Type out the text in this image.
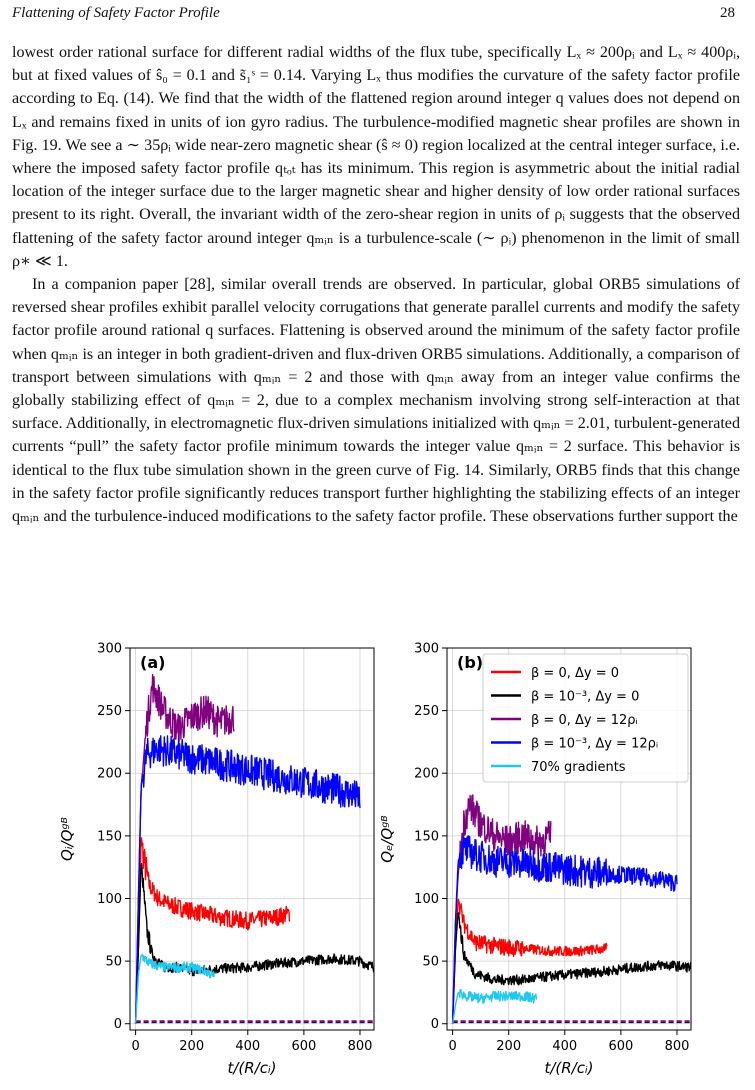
Flattening of Safety Factor Profile	28

lowest order rational surface for different radial widths of the flux tube, specifically Lₓ ≈ 200ρᵢ and Lₓ ≈ 400ρᵢ, but at fixed values of ŝ₀ = 0.1 and s̃₁ˢ = 0.14. Varying Lₓ thus modifies the curvature of the safety factor profile according to Eq. (14). We find that the width of the flattened region around integer q values does not depend on Lₓ and remains fixed in units of ion gyro radius. The turbulence-modified magnetic shear profiles are shown in Fig. 19. We see a ∼ 35ρᵢ wide near-zero magnetic shear (ŝ ≈ 0) region localized at the central integer surface, i.e. where the imposed safety factor profile qₜₒₜ has its minimum. This region is asymmetric about the initial radial location of the integer surface due to the larger magnetic shear and higher density of low order rational surfaces present to its right. Overall, the invariant width of the zero-shear region in units of ρᵢ suggests that the observed flattening of the safety factor around integer qₘᵢₙ is a turbulence-scale (∼ ρᵢ) phenomenon in the limit of small ρ∗ ≪ 1.

In a companion paper [28], similar overall trends are observed. In particular, global ORB5 simulations of reversed shear profiles exhibit parallel velocity corrugations that generate parallel currents and modify the safety factor profile around rational q surfaces. Flattening is observed around the minimum of the safety factor profile when qₘᵢₙ is an integer in both gradient-driven and flux-driven ORB5 simulations. Additionally, a comparison of transport between simulations with qₘᵢₙ = 2 and those with qₘᵢₙ away from an integer value confirms the globally stabilizing effect of qₘᵢₙ = 2, due to a complex mechanism involving strong self-interaction at that surface. Additionally, in electromagnetic flux-driven simulations initialized with qₘᵢₙ = 2.01, turbulent-generated currents “pull” the safety factor profile minimum towards the integer value qₘᵢₙ = 2 surface. This behavior is identical to the flux tube simulation shown in the green curve of Fig. 14. Similarly, ORB5 finds that this change in the safety factor profile significantly reduces transport further highlighting the stabilizing effects of an integer qₘᵢₙ and the turbulence-induced modifications to the safety factor profile. These observations further support the

0	200 400 600 800
0
50
100
150
200
250
300
t/(R/cᵢ)
Qᵢ/Qᵍᴮ
(a)
0	200 400 600 800
0
50
100
150
200
250
300
t/(R/cᵢ)
Qₑ/Qᵍᴮ
(b)
β = 0, Δy = 0
β = 10⁻³, Δy = 0
β = 0, Δy = 12ρᵢ
β = 10⁻³, Δy = 12ρᵢ
70% gradients
